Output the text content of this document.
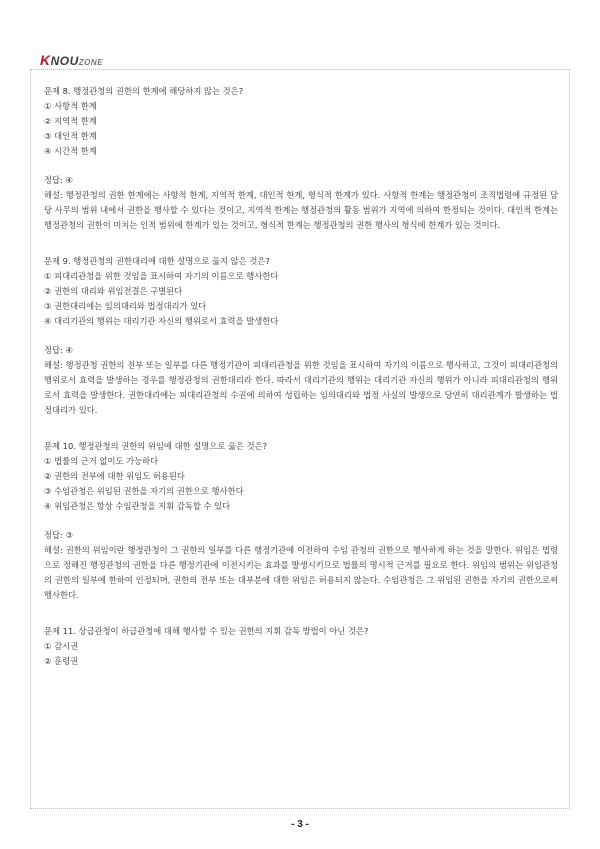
KNOUZONE

문제 8. 행정관청의 권한의 한계에 해당하지 않는 것은?

① 사항적 한계

② 지역적 한계

③ 대인적 한계

④ 시간적 한계

정답: ④

해설: 행정관청의 권한 한계에는 사항적 한계, 지역적 한계, 대인적 한계, 형식적 한계가 있다. 사항적 한계는 행정관청이 조직법령에 규정된 담당 사무의 범위 내에서 권한을 행사할 수 있다는 것이고, 지역적 한계는 행정관청의 활동 범위가 지역에 의하여 한정되는 것이다. 대인적 한계는 행정관청의 권한이 미치는 인적 범위에 한계가 있는 것이고, 형식적 한계는 행정관청의 권한 행사의 형식에 한계가 있는 것이다.

문제 9. 행정관청의 권한대리에 대한 설명으로 옳지 않은 것은?

① 피대리관청을 위한 것임을 표시하여 자기의 이름으로 행사한다

② 권한의 대리와 위임전결은 구별된다

③ 권한대리에는 임의대리와 법정대리가 있다

④ 대리기관의 행위는 대리기관 자신의 행위로서 효력을 발생한다

정답: ④

해설: 행정관청 권한의 전부 또는 일부를 다른 행정기관이 피대리관청을 위한 것임을 표시하여 자기의 이름으로 행사하고, 그것이 피대리관청의 행위로서 효력을 발생하는 경우를 행정관청의 권한대리라 한다. 따라서 대리기관의 행위는 대리기관 자신의 행위가 아니라 피대리관청의 행위로서 효력을 발생한다. 권한대리에는 피대리관청의 수권에 의하여 성립하는 임의대리와 법정 사실의 발생으로 당연히 대리관계가 발생하는 법정대리가 있다.

문제 10. 행정관청의 권한의 위임에 대한 설명으로 옳은 것은?

① 법률의 근거 없이도 가능하다

② 권한의 전부에 대한 위임도 허용된다

③ 수임관청은 위임된 권한을 자기의 권한으로 행사한다

④ 위임관청은 항상 수임관청을 지휘 감독할 수 있다

정답: ③

해설: 권한의 위임이란 행정관청이 그 권한의 일부를 다른 행정기관에 이전하여 수임 관청의 권한으로 행사하게 하는 것을 말한다. 위임은 법령으로 정해진 행정관청의 권한을 다른 행정기관에 이전시키는 효과를 발생시키므로 법률의 명시적 근거를 필요로 한다. 위임의 범위는 위임관청의 권한의 일부에 한하여 인정되며, 권한의 전부 또는 대부분에 대한 위임은 허용되지 않는다. 수임관청은 그 위임된 권한을 자기의 권한으로써 행사한다.

문제 11. 상급관청이 하급관청에 대해 행사할 수 있는 권한의 지휘 감독 방법이 아닌 것은?

① 감시권

② 훈령권

- 3 -
